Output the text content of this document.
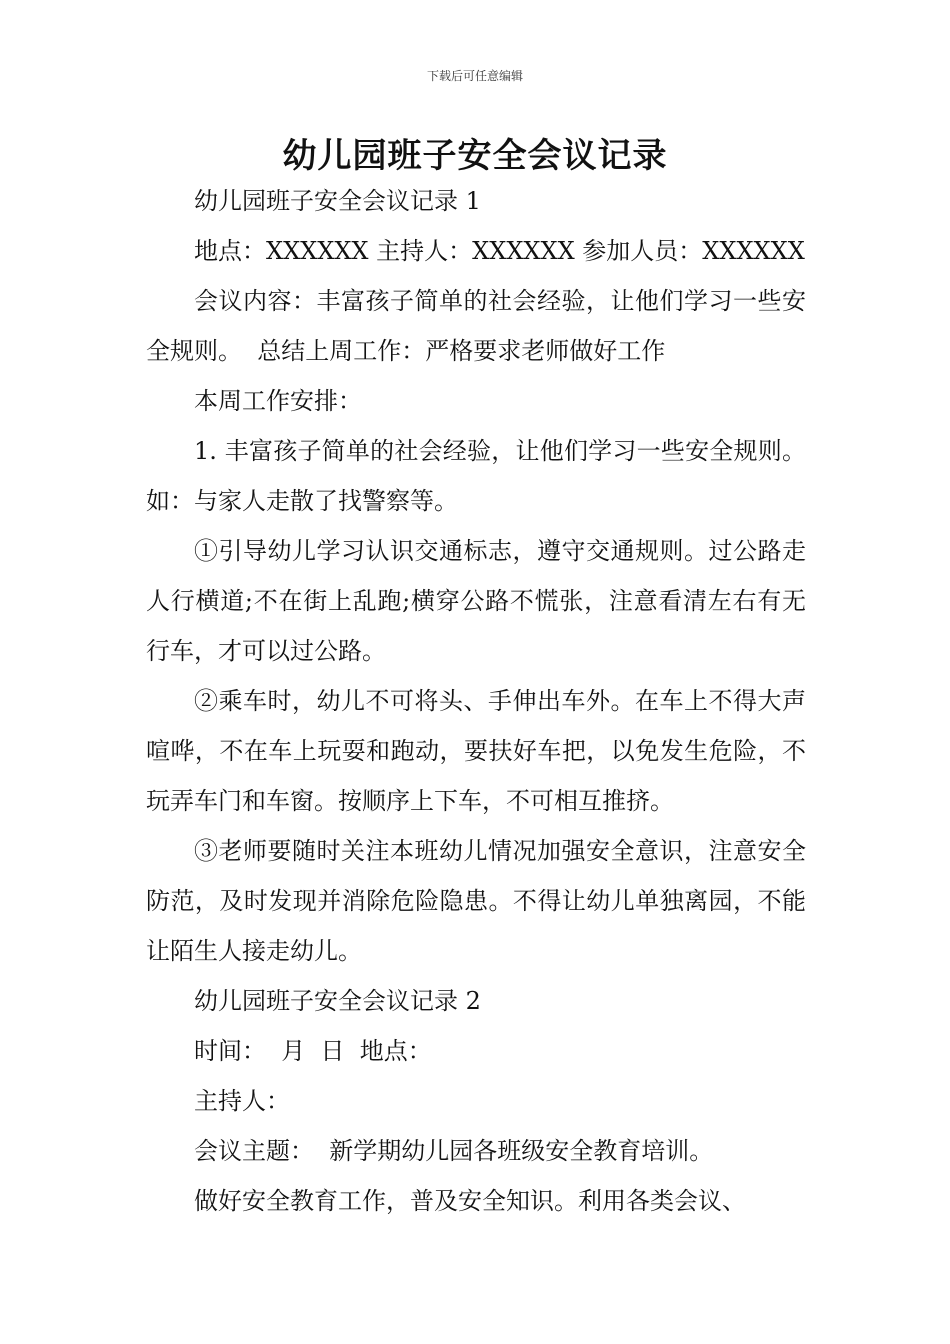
下载后可任意编辑
幼儿园班子安全会议记录

幼儿园班子安全会议记录 1

地点：XXXXXX 主持人：XXXXXX 参加人员：XXXXXX

会议内容：丰富孩子简单的社会经验，让他们学习一些安全规则。  总结上周工作：严格要求老师做好工作

本周工作安排：

1. 丰富孩子简单的社会经验，让他们学习一些安全规则。如：与家人走散了找警察等。

①引导幼儿学习认识交通标志，遵守交通规则。过公路走人行横道;不在街上乱跑;横穿公路不慌张，注意看清左右有无行车，才可以过公路。

②乘车时，幼儿不可将头、手伸出车外。在车上不得大声喧哗，不在车上玩耍和跑动，要扶好车把，以免发生危险，不玩弄车门和车窗。按顺序上下车，不可相互推挤。

③老师要随时关注本班幼儿情况加强安全意识，注意安全防范，及时发现并消除危险隐患。不得让幼儿单独离园，不能让陌生人接走幼儿。

幼儿园班子安全会议记录 2

时间：  月  日  地点：

主持人：

会议主题：  新学期幼儿园各班级安全教育培训。

做好安全教育工作，普及安全知识。利用各类会议、
